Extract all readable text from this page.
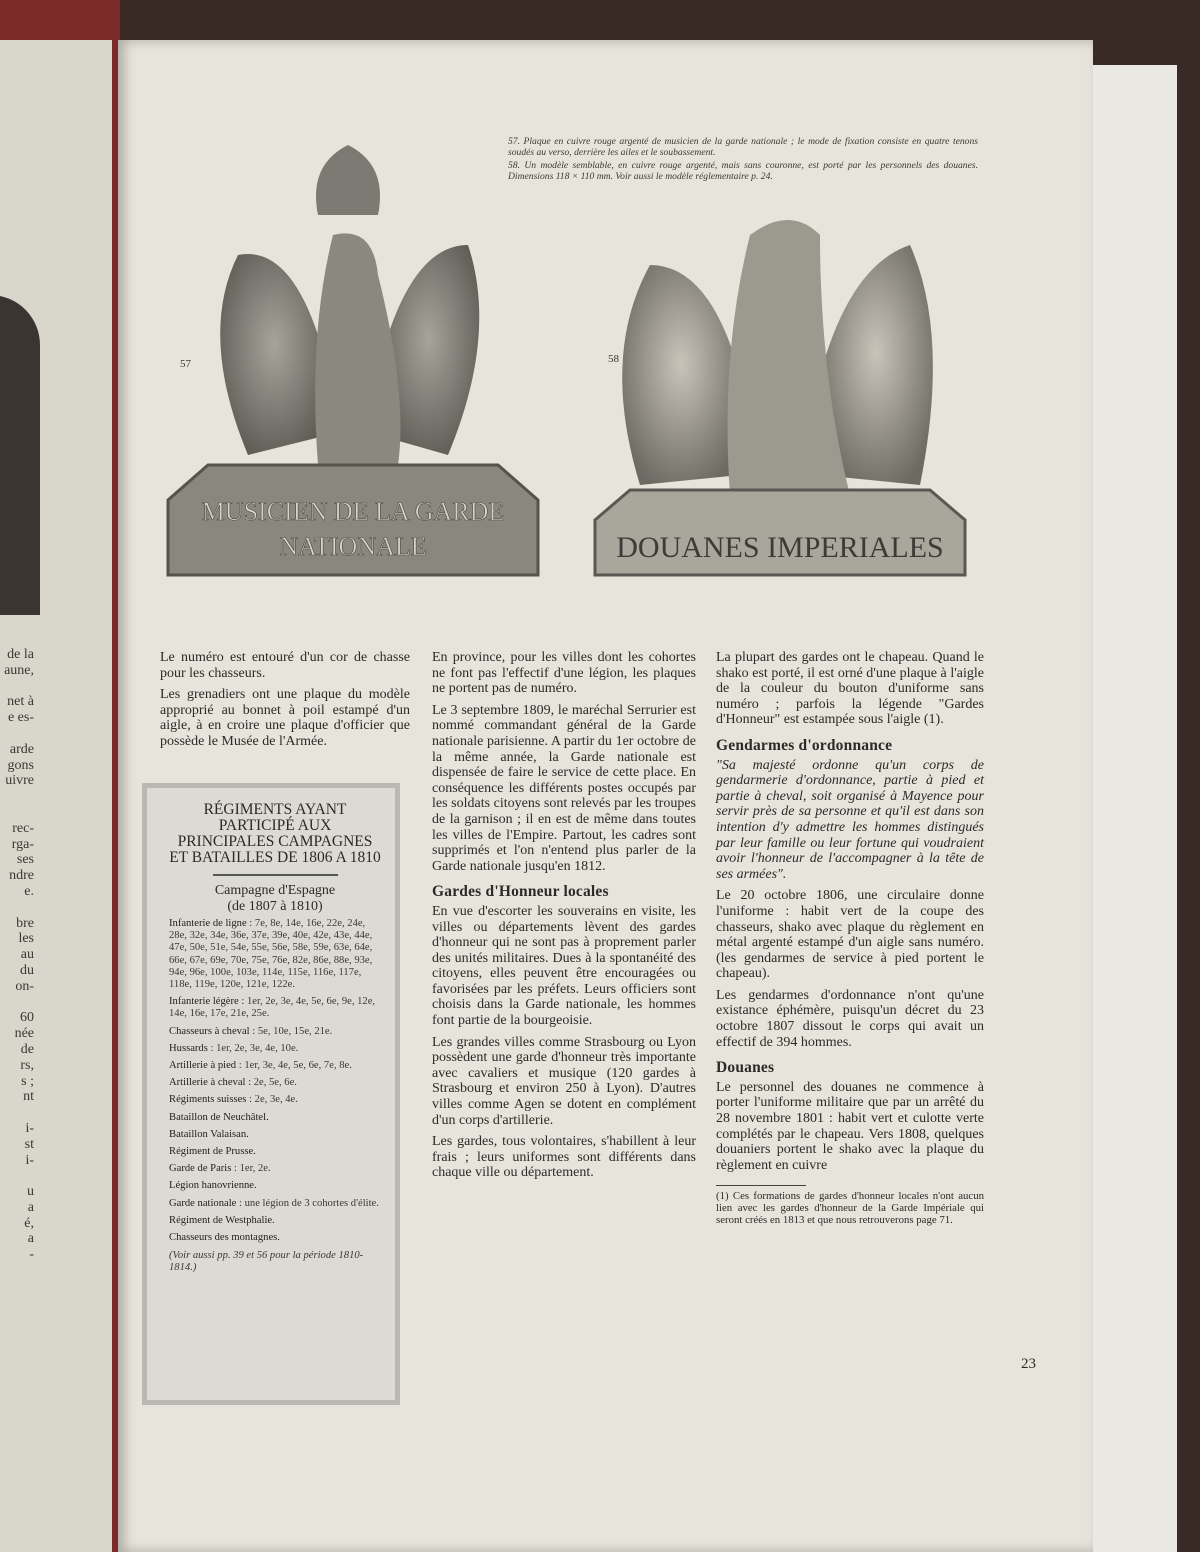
de la
aune,
net à
e es-
arde
gons
uivre
rec-
rga-
ses
ndre
e.
bre
les
au
du
on-
60
née
de
rs,
s ;
nt
i-
st
i-
u
a
é,
a
-

57. Plaque en cuivre rouge argenté de musicien de la garde nationale ; le mode de fixation consiste en quatre tenons soudés au verso, derrière les ailes et le soubassement.

58. Un modèle semblable, en cuivre rouge argenté, mais sans couronne, est porté par les personnels des douanes. Dimensions 118 × 110 mm. Voir aussi le modèle réglementaire p. 24.

57	58
MUSICIEN DE LA GARDE
NATIONALE	DOUANES IMPERIALES

Le numéro est entouré d'un cor de chasse pour les chasseurs.

Les grenadiers ont une plaque du modèle approprié au bonnet à poil estampé d'un aigle, à en croire une plaque d'officier que possède le Musée de l'Armée.

RÉGIMENTS AYANT PARTICIPÉ AUX PRINCIPALES CAMPAGNES ET BATAILLES DE 1806 A 1810
Campagne d'Espagne
(de 1807 à 1810)
Infanterie de ligne : 7e, 8e, 14e, 16e, 22e, 24e, 28e, 32e, 34e, 36e, 37e, 39e, 40e, 42e, 43e, 44e, 47e, 50e, 51e, 54e, 55e, 56e, 58e, 59e, 63e, 64e, 66e, 67e, 69e, 70e, 75e, 76e, 82e, 86e, 88e, 93e, 94e, 96e, 100e, 103e, 114e, 115e, 116e, 117e, 118e, 119e, 120e, 121e, 122e.
Infanterie légère : 1er, 2e, 3e, 4e, 5e, 6e, 9e, 12e, 14e, 16e, 17e, 21e, 25e.
Chasseurs à cheval : 5e, 10e, 15e, 21e.
Hussards : 1er, 2e, 3e, 4e, 10e.
Artillerie à pied : 1er, 3e, 4e, 5e, 6e, 7e, 8e.
Artillerie à cheval : 2e, 5e, 6e.
Régiments suisses : 2e, 3e, 4e.
Bataillon de Neuchâtel.
Bataillon Valaisan.
Régiment de Prusse.
Garde de Paris : 1er, 2e.
Légion hanovrienne.
Garde nationale : une légion de 3 cohortes d'élite.
Régiment de Westphalie.
Chasseurs des montagnes.
(Voir aussi pp. 39 et 56 pour la période 1810-1814.)

En province, pour les villes dont les cohortes ne font pas l'effectif d'une légion, les plaques ne portent pas de numéro.

Le 3 septembre 1809, le maréchal Serrurier est nommé commandant général de la Garde nationale parisienne. A partir du 1er octobre de la même année, la Garde nationale est dispensée de faire le service de cette place. En conséquence les différents postes occupés par les soldats citoyens sont relevés par les troupes de la garnison ; il en est de même dans toutes les villes de l'Empire. Partout, les cadres sont supprimés et l'on n'entend plus parler de la Garde nationale jusqu'en 1812.

Gardes d'Honneur locales

En vue d'escorter les souverains en visite, les villes ou départements lèvent des gardes d'honneur qui ne sont pas à proprement parler des unités militaires. Dues à la spontanéité des citoyens, elles peuvent être encouragées ou favorisées par les préfets. Leurs officiers sont choisis dans la Garde nationale, les hommes font partie de la bourgeoisie.

Les grandes villes comme Strasbourg ou Lyon possèdent une garde d'honneur très importante avec cavaliers et musique (120 gardes à Strasbourg et environ 250 à Lyon). D'autres villes comme Agen se dotent en complément d'un corps d'artillerie.

Les gardes, tous volontaires, s'habillent à leur frais ; leurs uniformes sont différents dans chaque ville ou département.

La plupart des gardes ont le chapeau. Quand le shako est porté, il est orné d'une plaque à l'aigle de la couleur du bouton d'uniforme sans numéro ; parfois la légende "Gardes d'Honneur" est estampée sous l'aigle (1).

Gendarmes d'ordonnance

"Sa majesté ordonne qu'un corps de gendarmerie d'ordonnance, partie à pied et partie à cheval, soit organisé à Mayence pour servir près de sa personne et qu'il est dans son intention d'y admettre les hommes distingués par leur famille ou leur fortune qui voudraient avoir l'honneur de l'accompagner à la tête de ses armées".

Le 20 octobre 1806, une circulaire donne l'uniforme : habit vert de la coupe des chasseurs, shako avec plaque du règlement en métal argenté estampé d'un aigle sans numéro. (les gendarmes de service à pied portent le chapeau).

Les gendarmes d'ordonnance n'ont qu'une existance éphémère, puisqu'un décret du 23 octobre 1807 dissout le corps qui avait un effectif de 394 hommes.

Douanes

Le personnel des douanes ne commence à porter l'uniforme militaire que par un arrêté du 28 novembre 1801 : habit vert et culotte verte complétés par le chapeau. Vers 1808, quelques douaniers portent le shako avec la plaque du règlement en cuivre

(1) Ces formations de gardes d'honneur locales n'ont aucun lien avec les gardes d'honneur de la Garde Impériale qui seront créés en 1813 et que nous retrouverons page 71.
23
